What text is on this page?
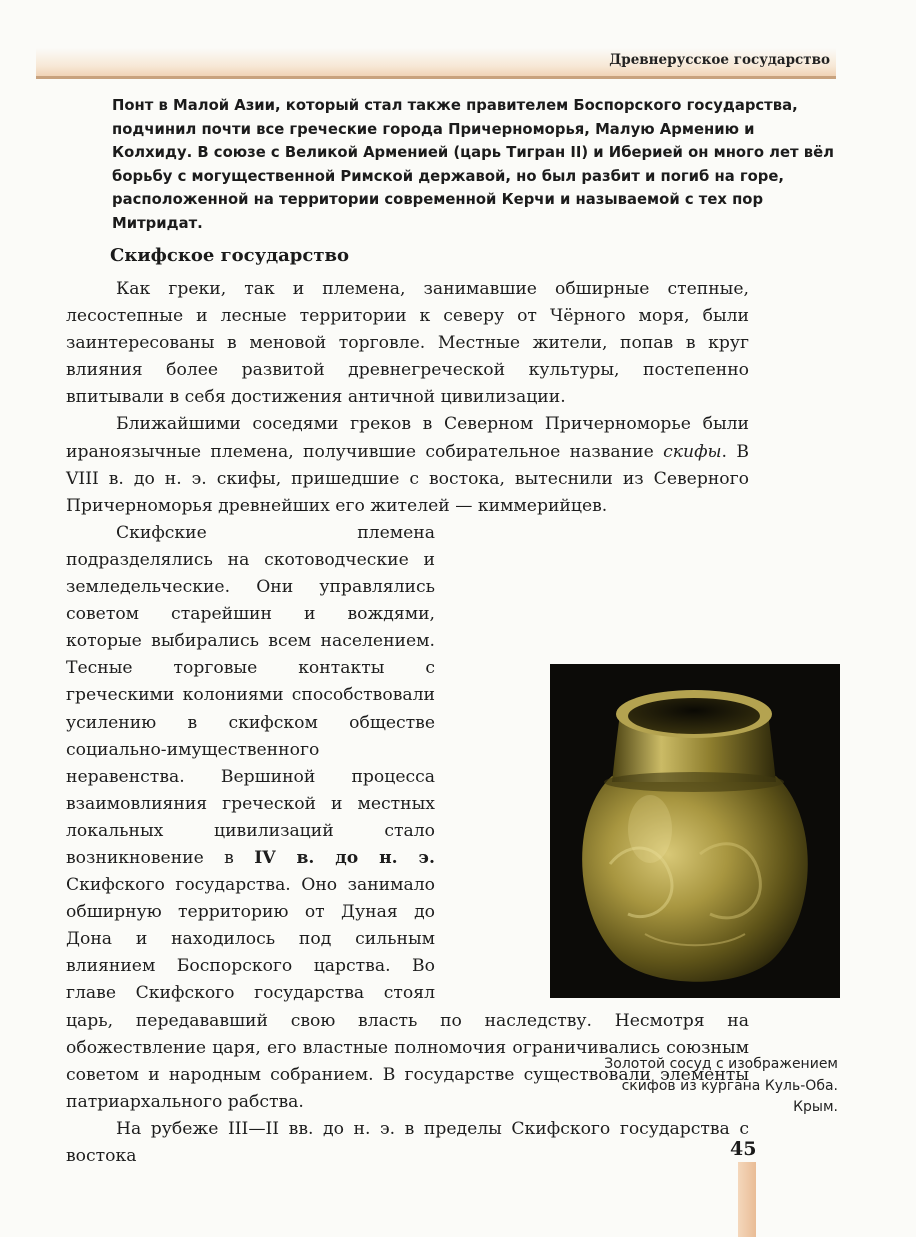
Древнерусское государство

Понт в Малой Азии, который стал также правителем Боспорского государства, подчинил почти все греческие города Причерноморья, Малую Армению и Колхиду. В союзе с Великой Арменией (царь Тигран II) и Иберией он много лет вёл борьбу с могущественной Римской державой, но был разбит и погиб на горе, расположенной на территории современной Керчи и называемой с тех пор Митридат.

Скифское государство

Как греки, так и племена, занимавшие обширные степные, лесостепные и лесные территории к северу от Чёрного моря, были заинтересованы в меновой торговле. Местные жители, попав в круг влияния более развитой древнегреческой культуры, постепенно впитывали в себя достижения античной цивилизации.

Ближайшими соседями греков в Северном Причерноморье были ираноязычные племена, получившие собирательное название скифы. В VIII в. до н. э. скифы, пришедшие с востока, вытеснили из Северного Причерноморья древнейших его жителей — киммерийцев.

Скифские племена подразделялись на скотоводческие и земледельческие. Они управлялись советом старейшин и вождями, которые выбирались всем населением. Тесные торговые контакты с греческими колониями способствовали усилению в скифском обществе социально-имущественного неравенства. Вершиной процесса взаимовлияния греческой и местных локальных цивилизаций стало возникновение в IV в. до н. э. Скифского государства. Оно занимало обширную территорию от Дуная до Дона и находилось под сильным влиянием Боспорского царства. Во главе Скифского государства стоял царь, передававший свою власть по наследству. Несмотря на обожествление царя, его властные полномочия ограничивались союзным советом и народным собранием. В государстве существовали элементы патриархального рабства.

На рубеже III—II вв. до н. э. в пределы Скифского государства с востока

Золотой сосуд с изображением
скифов из кургана Куль-Оба.
Крым.
45
